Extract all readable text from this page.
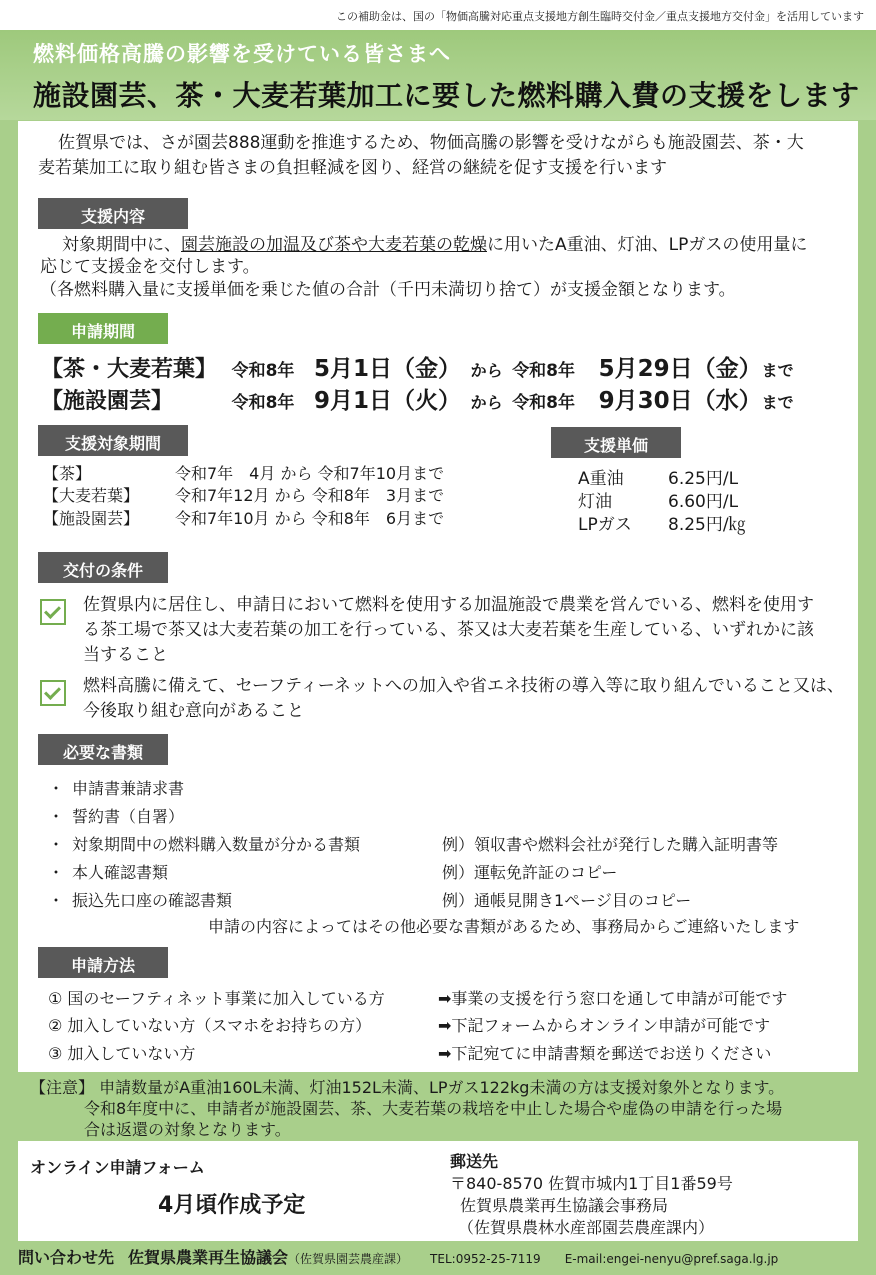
この補助金は、国の「物価高騰対応重点支援地方創生臨時交付金／重点支援地方交付金」を活用しています
燃料価格高騰の影響を受けている皆さまへ
施設園芸、茶・大麦若葉加工に要した燃料購入費の支援をします
佐賀県では、さが園芸888運動を推進するため、物価高騰の影響を受けながらも施設園芸、茶・大
麦若葉加工に取り組む皆さまの負担軽減を図り、経営の継続を促す支援を行います
支援内容
対象期間中に、園芸施設の加温及び茶や大麦若葉の乾燥に用いたA重油、灯油、LPガスの使用量に
応じて支援金を交付します。
（各燃料購入量に支援単価を乗じた値の合計（千円未満切り捨て）が支援金額となります。
申請期間
【茶・大麦若葉】 令和8年 5月1日（金） から 令和8年 5月29日（金）まで
【施設園芸】	令和8年 9月1日（火） から 令和8年 9月30日（水）まで
支援対象期間
【茶】	令和7年　4月 から 令和7年10月まで
【大麦若葉】 令和7年12月 から 令和8年　3月まで
【施設園芸】 令和7年10月 から 令和8年　6月まで
支援単価
A重油	6.25円/L
灯油	6.60円/L
LPガス 8.25円/㎏
交付の条件
佐賀県内に居住し、申請日において燃料を使用する加温施設で農業を営んでいる、燃料を使用す
る茶工場で茶又は大麦若葉の加工を行っている、茶又は大麦若葉を生産している、いずれかに該
当すること
燃料高騰に備えて、セーフティーネットへの加入や省エネ技術の導入等に取り組んでいること又は、
今後取り組む意向があること
必要な書類
・ 申請書兼請求書
・ 誓約書（自署）
・ 対象期間中の燃料購入数量が分かる書類	例）領収書や燃料会社が発行した購入証明書等
・ 本人確認書類	例）運転免許証のコピー
・ 振込先口座の確認書類	例）通帳見開き1ページ目のコピー
申請の内容によってはその他必要な書類があるため、事務局からご連絡いたします
申請方法
① 国のセーフティネット事業に加入している方	➡事業の支援を行う窓口を通して申請が可能です
② 加入していない方（スマホをお持ちの方）	➡下記フォームからオンライン申請が可能です
③ 加入していない方	➡下記宛てに申請書類を郵送でお送りください
【注意】 申請数量がA重油160L未満、灯油152L未満、LPガス122kg未満の方は支援対象外となります。
令和8年度中に、申請者が施設園芸、茶、大麦若葉の栽培を中止した場合や虚偽の申請を行った場
合は返還の対象となります。
オンライン申請フォーム
4月頃作成予定
郵送先
〒840-8570 佐賀市城内1丁目1番59号
佐賀県農業再生協議会事務局
（佐賀県農林水産部園芸農産課内）
問い合わせ先 佐賀県農業再生協議会（佐賀県園芸農産課） TEL:0952-25-7119 E-mail:engei-nenyu@pref.saga.lg.jp
